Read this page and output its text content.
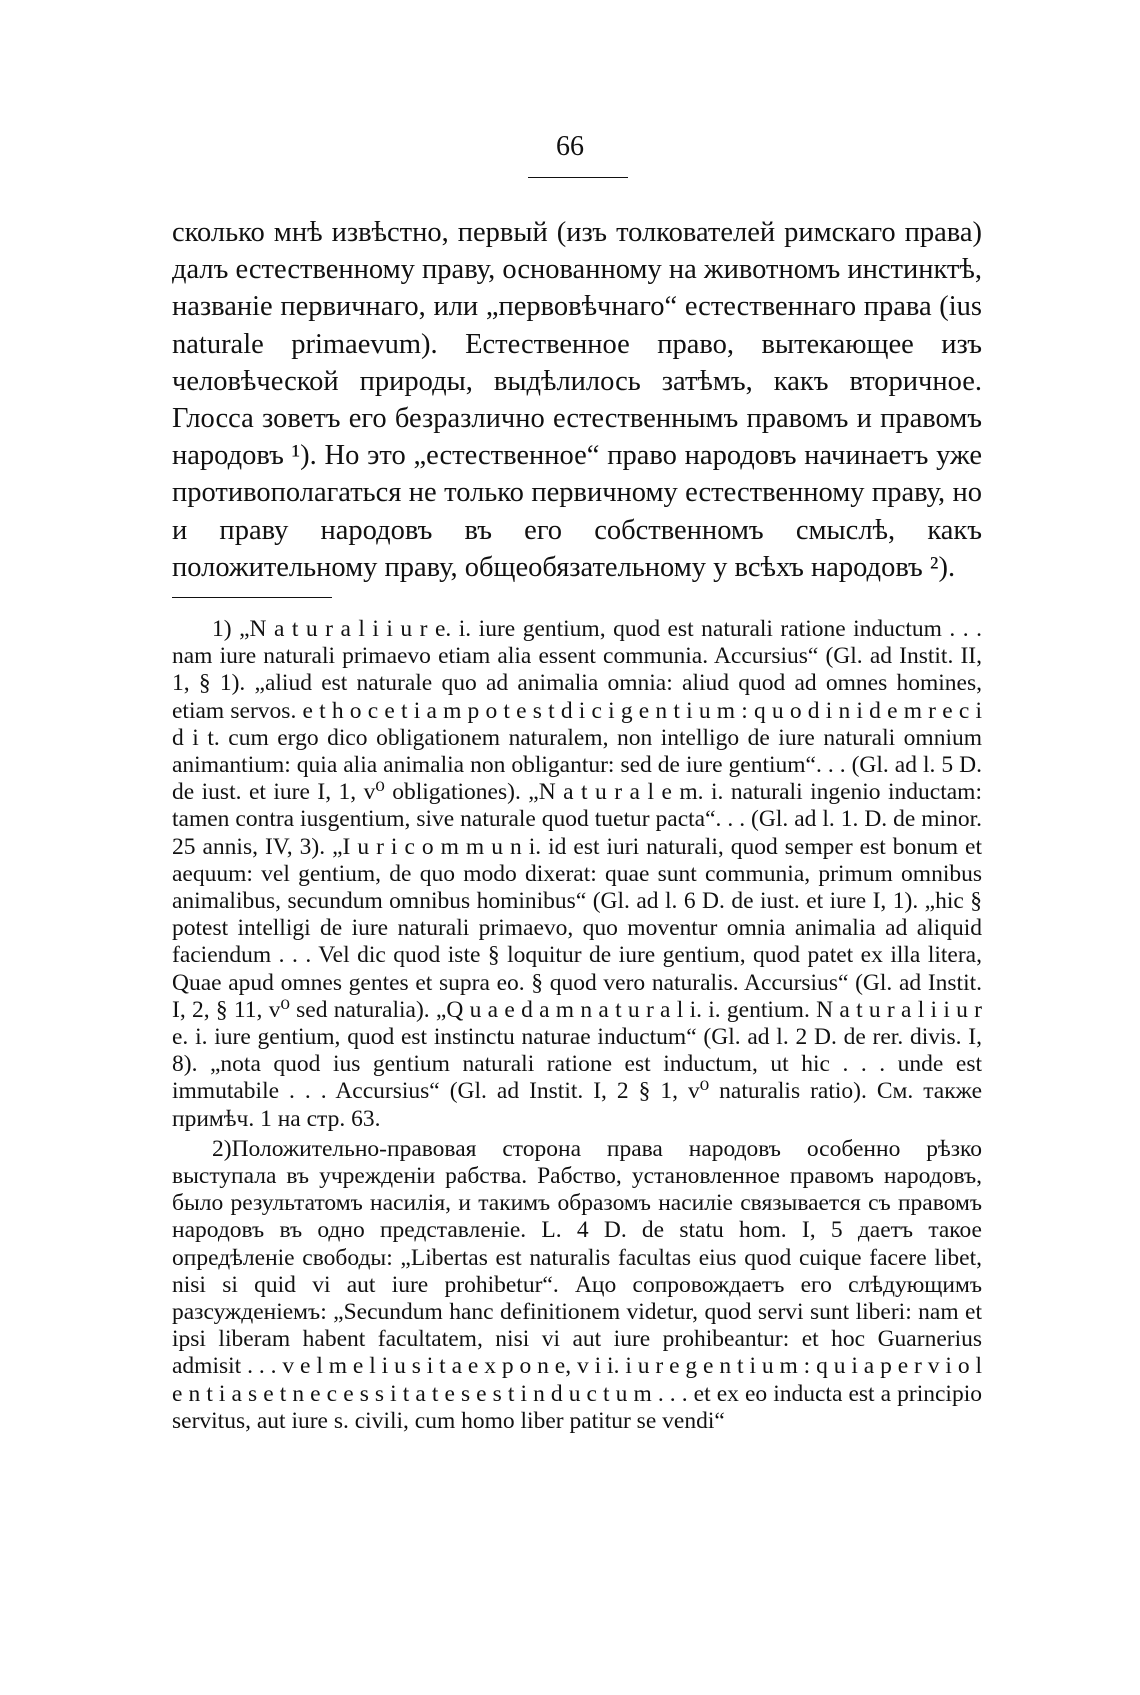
66

сколько мнѣ извѣстно, первый (изъ толкователей римскаго права) далъ естественному праву, основанному на животномъ инстинктѣ, названіе первичнаго, или „первовѣчнаго“ естественнаго права (ius naturale primaevum). Естественное право, вытекающее изъ человѣческой природы, выдѣлилось затѣмъ, какъ вторичное. Глосса зоветъ его безразлично естественнымъ правомъ и правомъ народовъ ¹). Но это „естественное“ право народовъ начинаетъ уже противополагаться не только первичному естественному праву, но и праву народовъ въ его собственномъ смыслѣ, какъ положительному праву, общеобязательному у всѣхъ народовъ ²).

1) „N a t u r a l i i u r e. i. iure gentium, quod est naturali ratione inductum . . . nam iure naturali primaevo etiam alia essent communia. Accursius“ (Gl. ad Instit. II, 1, § 1). „aliud est naturale quo ad animalia omnia: aliud quod ad omnes homines, etiam servos. e t h o c e t i a m p o t e s t d i c i g e n t i u m : q u o d i n i d e m r e c i d i t. cum ergo dico obligationem naturalem, non intelligo de iure naturali omnium animantium: quia alia animalia non obligantur: sed de iure gentium“. . . (Gl. ad l. 5 D. de iust. et iure I, 1, v⁰ obligationes). „N a t u r a l e m. i. naturali ingenio inductam: tamen contra iusgentium, sive naturale quod tuetur pacta“. . . (Gl. ad l. 1. D. de minor. 25 annis, IV, 3). „I u r i c o m m u n i. id est iuri naturali, quod semper est bonum et aequum: vel gentium, de quo modo dixerat: quae sunt communia, primum omnibus animalibus, secundum omnibus hominibus“ (Gl. ad l. 6 D. de iust. et iure I, 1). „hic § potest intelligi de iure naturali primaevo, quo moventur omnia animalia ad aliquid faciendum . . . Vel dic quod iste § loquitur de iure gentium, quod patet ex illa litera, Quae apud omnes gentes et supra eo. § quod vero naturalis. Accursius“ (Gl. ad Instit. I, 2, § 11, v⁰ sed naturalia). „Q u a e d a m n a t u r a l i. i. gentium. N a t u r a l i i u r e. i. iure gentium, quod est instinctu naturae inductum“ (Gl. ad l. 2 D. de rer. divis. I, 8). „nota quod ius gentium naturali ratione est inductum, ut hic . . . unde est immutabile . . . Accursius“ (Gl. ad Instit. I, 2 § 1, v⁰ naturalis ratio). См. также примѣч. 1 на стр. 63.

2)Положительно-правовая сторона права народовъ особенно рѣзко выступала въ учрежденіи рабства. Рабство, установленное правомъ народовъ, было результатомъ насилія, и такимъ образомъ насиліе связывается съ правомъ народовъ въ одно представленіе. L. 4 D. de statu hom. I, 5 даетъ такое опредѣленіе свободы: „Libertas est naturalis facultas eius quod cuique facere libet, nisi si quid vi aut iure prohibetur“. Ацо сопровождаетъ его слѣдующимъ разсужденіемъ: „Secundum hanc definitionem videtur, quod servi sunt liberi: nam et ipsi liberam habent facultatem, nisi vi aut iure prohibeantur: et hoc Guarnerius admisit . . . v e l m e l i u s i t a e x p o n e, v i i. i u r e g e n t i u m : q u i a p e r v i o l e n t i a s e t n e c e s s i t a t e s e s t i n d u c t u m . . . et ex eo inducta est a principio servitus, aut iure s. civili, cum homo liber patitur se vendi“
